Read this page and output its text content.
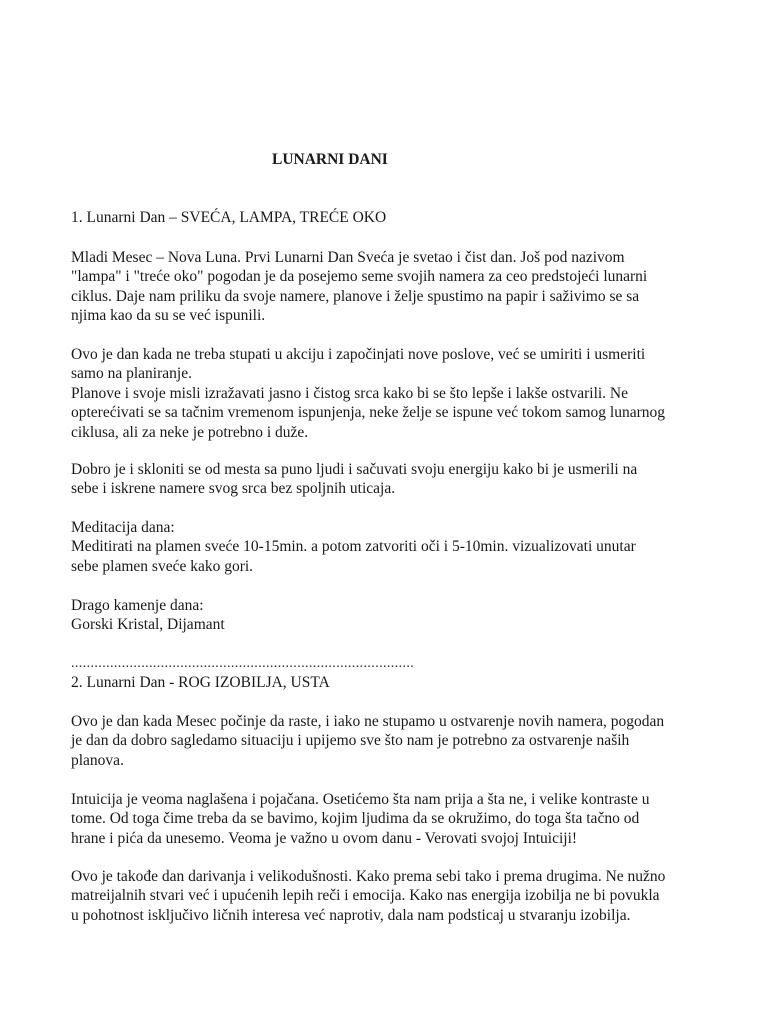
LUNARNI DANI
1. Lunarni Dan – SVEĆA, LAMPA, TREĆE OKO
Mladi Mesec – Nova Luna. Prvi Lunarni Dan Sveća je svetao i čist dan. Još pod nazivom
"lampa" i "treće oko" pogodan je da posejemo seme svojih namera za ceo predstojeći lunarni
ciklus. Daje nam priliku da svoje namere, planove i želje spustimo na papir i saživimo se sa
njima kao da su se već ispunili.
Ovo je dan kada ne treba stupati u akciju i započinjati nove poslove, već se umiriti i usmeriti
samo na planiranje.
Planove i svoje misli izražavati jasno i čistog srca kako bi se što lepše i lakše ostvarili. Ne
opterećivati se sa tačnim vremenom ispunjenja, neke želje se ispune već tokom samog lunarnog
ciklusa, ali za neke je potrebno i duže.
Dobro je i skloniti se od mesta sa puno ljudi i sačuvati svoju energiju kako bi je usmerili na
sebe i iskrene namere svog srca bez spoljnih uticaja.
Meditacija dana:
Meditirati na plamen sveće 10-15min. a potom zatvoriti oči i 5-10min. vizualizovati unutar
sebe plamen sveće kako gori.
Drago kamenje dana:
Gorski Kristal, Dijamant
........................................................................................
2. Lunarni Dan - ROG IZOBILJA, USTA
Ovo je dan kada Mesec počinje da raste, i iako ne stupamo u ostvarenje novih namera, pogodan
je dan da dobro sagledamo situaciju i upijemo sve što nam je potrebno za ostvarenje naših
planova.
Intuicija je veoma naglašena i pojačana. Osetićemo šta nam prija a šta ne, i velike kontraste u
tome. Od toga čime treba da se bavimo, kojim ljudima da se okružimo, do toga šta tačno od
hrane i pića da unesemo. Veoma je važno u ovom danu - Verovati svojoj Intuiciji!
Ovo je takođe dan darivanja i velikodušnosti. Kako prema sebi tako i prema drugima. Ne nužno
matreijalnih stvari već i upućenih lepih reči i emocija. Kako nas energija izobilja ne bi povukla
u pohotnost isključivo ličnih interesa već naprotiv, dala nam podsticaj u stvaranju izobilja.
